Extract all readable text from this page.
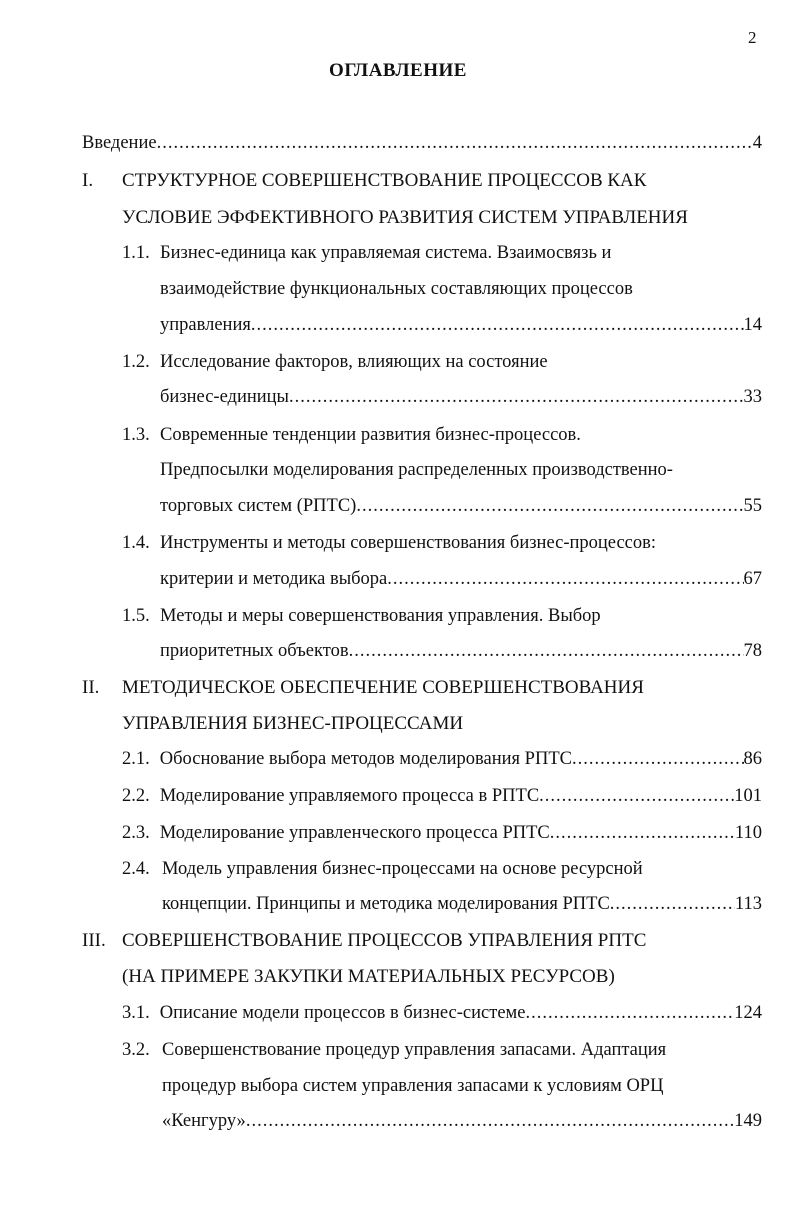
2
ОГЛАВЛЕНИЕ
Введение .....	4
I. СТРУКТУРНОЕ СОВЕРШЕНСТВОВАНИЕ ПРОЦЕССОВ КАК
УСЛОВИЕ ЭФФЕКТИВНОГО РАЗВИТИЯ СИСТЕМ УПРАВЛЕНИЯ
1.1. Бизнес-единица как управляемая система. Взаимосвязь и
взаимодействие функциональных составляющих процессов
управления .....	14
1.2. Исследование факторов, влияющих на состояние
бизнес-единицы .....	33
1.3. Современные тенденции развития бизнес-процессов.
Предпосылки моделирования распределенных производственно-
торговых систем (РПТС) .....	55
1.4. Инструменты и методы совершенствования бизнес-процессов:
критерии и методика выбора .....	67
1.5. Методы и меры совершенствования управления. Выбор
приоритетных объектов .....	78
II. МЕТОДИЧЕСКОЕ ОБЕСПЕЧЕНИЕ СОВЕРШЕНСТВОВАНИЯ
УПРАВЛЕНИЯ БИЗНЕС-ПРОЦЕССАМИ
2.1. Обоснование выбора методов моделирования РПТС .....	86
2.2. Моделирование управляемого процесса в РПТС .....	101
2.3. Моделирование управленческого процесса РПТС .....	110
2.4. Модель управления бизнес-процессами на основе ресурсной
концепции. Принципы и методика моделирования РПТС .....	113
III. СОВЕРШЕНСТВОВАНИЕ ПРОЦЕССОВ УПРАВЛЕНИЯ РПТС
(НА ПРИМЕРЕ ЗАКУПКИ МАТЕРИАЛЬНЫХ РЕСУРСОВ)
3.1. Описание модели процессов в бизнес-системе .....	124
3.2. Совершенствование процедур управления запасами. Адаптация
процедур выбора систем управления запасами к условиям ОРЦ
«Кенгуру» .....	149
